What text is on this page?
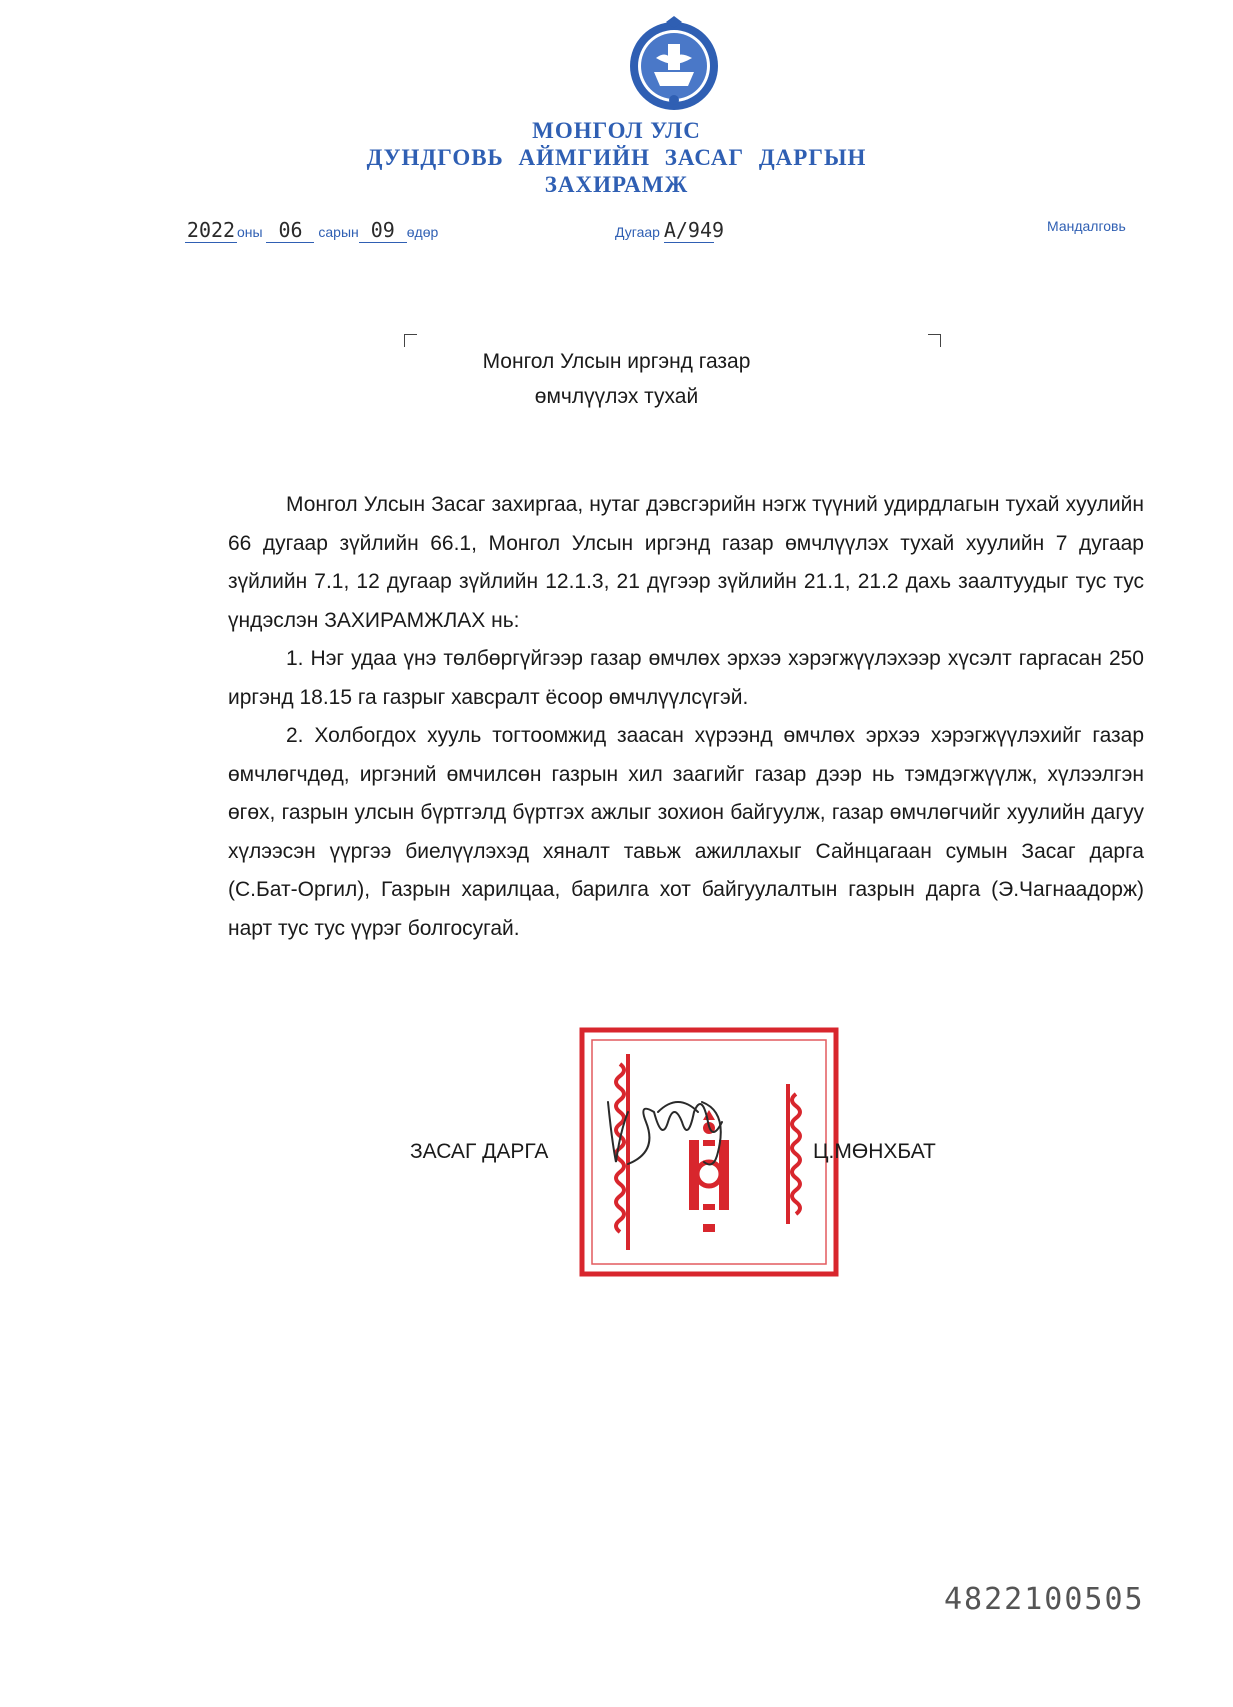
МОНГОЛ УЛС
ДУНДГОВЬ АЙМГИЙН ЗАСАГ ДАРГЫН
ЗАХИРАМЖ
2022 оны 06 сарын 09 өдөр	Дугаар А/949	Мандалговь
Монгол Улсын иргэнд газар
өмчлүүлэх тухай

Монгол Улсын Засаг захиргаа, нутаг дэвсгэрийн нэгж түүний удирдлагын тухай хуулийн 66 дугаар зүйлийн 66.1, Монгол Улсын иргэнд газар өмчлүүлэх тухай хуулийн 7 дугаар зүйлийн 7.1, 12 дугаар зүйлийн 12.1.3, 21 дүгээр зүйлийн 21.1, 21.2 дахь заалтуудыг тус тус үндэслэн ЗАХИРАМЖЛАХ нь:

1. Нэг удаа үнэ төлбөргүйгээр газар өмчлөх эрхээ хэрэгжүүлэхээр хүсэлт гаргасан 250 иргэнд 18.15 га газрыг хавсралт ёсоор өмчлүүлсүгэй.

2. Холбогдох хууль тогтоомжид заасан хүрээнд өмчлөх эрхээ хэрэгжүүлэхийг газар өмчлөгчдөд, иргэний өмчилсөн газрын хил заагийг газар дээр нь тэмдэгжүүлж, хүлээлгэн өгөх, газрын улсын бүртгэлд бүртгэх ажлыг зохион байгуулж, газар өмчлөгчийг хуулийн дагуу хүлээсэн үүргээ биелүүлэхэд хяналт тавьж ажиллахыг Сайнцагаан сумын Засаг дарга (С.Бат-Оргил), Газрын харилцаа, барилга хот байгуулалтын газрын дарга (Э.Чагнаадорж) нарт тус тус үүрэг болгосугай.

ЗАСАГ ДАРГА	Ц.МӨНХБАТ
4822100505
